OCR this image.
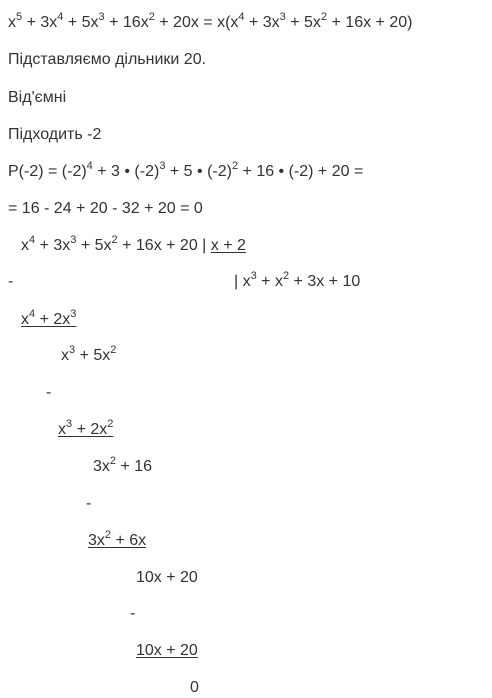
$x^5 + 3x^4 + 5x^3 + 16x^2 + 20x = x(x^4 + 3x^3 + 5x^2 + 16x + 20)$
Підставляємо дільники 20.
Від'ємні
Підходить -2
$P(-2) = (-2)^4 + 3$ • $(-2)^3 + 5$ • $(-2)^2 + 16$ • (-2) + 20 =
= 16 - 24 + 20 - 32 + 20 = 0
$x^4 + 3x^3 + 5x^2 + 16x + 20$ | x + 2
-	| $x^3 + x^2 + 3x + 10$
$x^4 + 2x^3$
$x^3 + 5x^2$
-
$x^3 + 2x^2$
$3x^2 + 16$
-
$3x^2 + 6x$
10x + 20
-
10x + 20
0
